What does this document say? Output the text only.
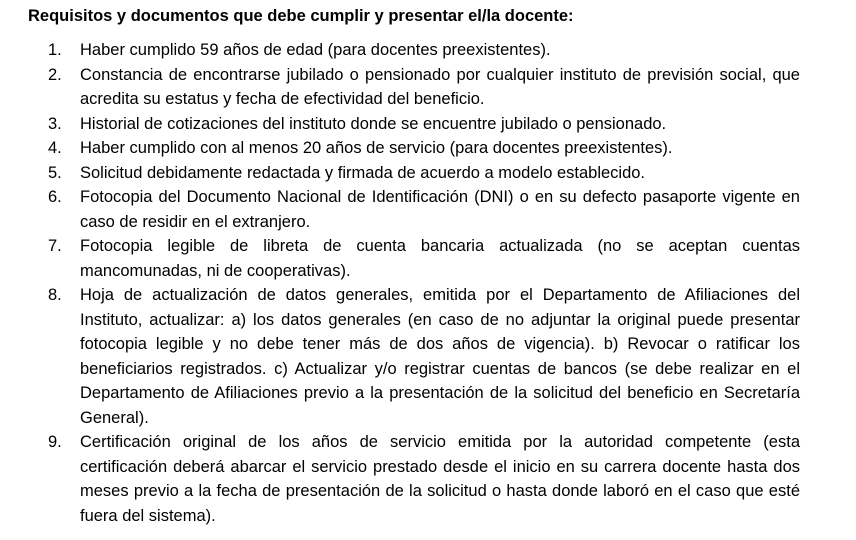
Requisitos y documentos que debe cumplir y presentar el/la docente:
1. Haber cumplido 59 años de edad (para docentes preexistentes).
2. Constancia de encontrarse jubilado o pensionado por cualquier instituto de previsión social, que acredita su estatus y fecha de efectividad del beneficio.
3. Historial de cotizaciones del instituto donde se encuentre jubilado o pensionado.
4. Haber cumplido con al menos 20 años de servicio (para docentes preexistentes).
5. Solicitud debidamente redactada y firmada de acuerdo a modelo establecido.
6. Fotocopia del Documento Nacional de Identificación (DNI) o en su defecto pasaporte vigente en caso de residir en el extranjero.
7. Fotocopia legible de libreta de cuenta bancaria actualizada (no se aceptan cuentas mancomunadas, ni de cooperativas).
8. Hoja de actualización de datos generales, emitida por el Departamento de Afiliaciones del Instituto, actualizar: a) los datos generales (en caso de no adjuntar la original puede presentar fotocopia legible y no debe tener más de dos años de vigencia). b) Revocar o ratificar los beneficiarios registrados. c) Actualizar y/o registrar cuentas de bancos (se debe realizar en el Departamento de Afiliaciones previo a la presentación de la solicitud del beneficio en Secretaría General).
9. Certificación original de los años de servicio emitida por la autoridad competente (esta certificación deberá abarcar el servicio prestado desde el inicio en su carrera docente hasta dos meses previo a la fecha de presentación de la solicitud o hasta donde laboró en el caso que esté fuera del sistema).
